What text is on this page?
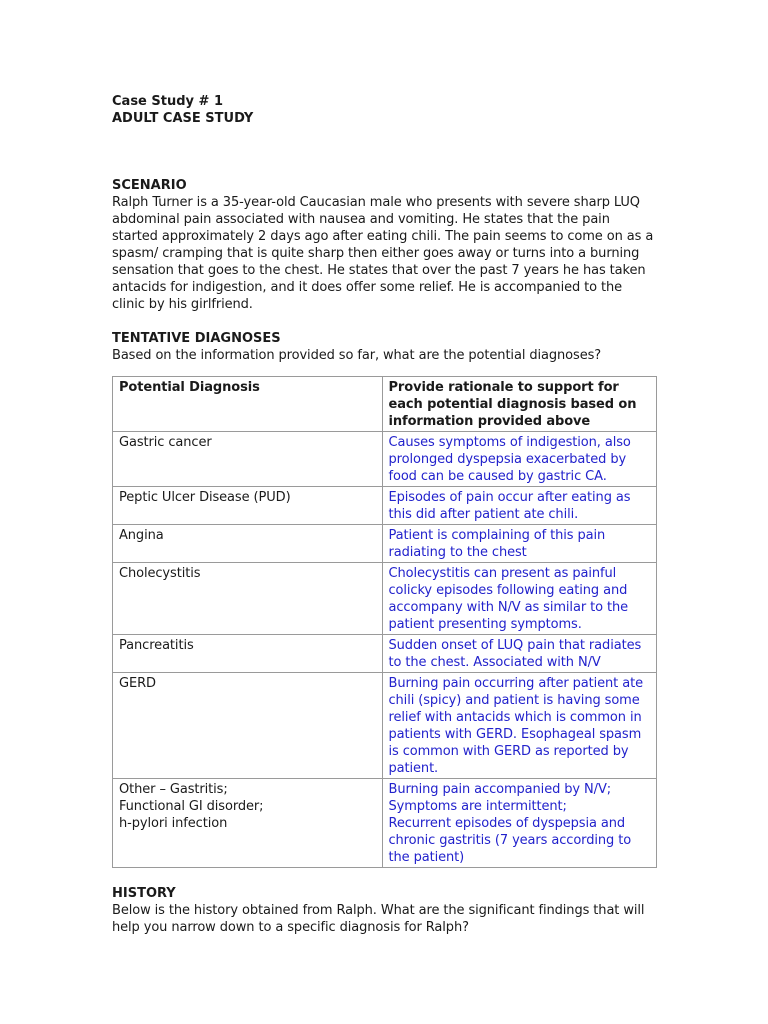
Case Study # 1

ADULT CASE STUDY

SCENARIO

Ralph Turner is a 35-year-old Caucasian male who presents with severe sharp LUQ abdominal pain associated with nausea and vomiting. He states that the pain started approximately 2 days ago after eating chili. The pain seems to come on as a spasm/ cramping that is quite sharp then either goes away or turns into a burning sensation that goes to the chest. He states that over the past 7 years he has taken antacids for indigestion, and it does offer some relief. He is accompanied to the clinic by his girlfriend.

TENTATIVE DIAGNOSES

Based on the information provided so far, what are the potential diagnoses?

Potential Diagnosis	Provide rationale to support for each potential diagnosis based on information provided above

Gastric cancer	Causes symptoms of indigestion, also prolonged dyspepsia exacerbated by food can be caused by gastric CA.

Peptic Ulcer Disease (PUD)	Episodes of pain occur after eating as this did after patient ate chili.

Angina	Patient is complaining of this pain radiating to the chest

Cholecystitis	Cholecystitis can present as painful colicky episodes following eating and accompany with N/V as similar to the patient presenting symptoms.

Pancreatitis	Sudden onset of LUQ pain that radiates to the chest. Associated with N/V

GERD	Burning pain occurring after patient ate chili (spicy) and patient is having some relief with antacids which is common in patients with GERD. Esophageal spasm is common with GERD as reported by patient.

Other – Gastritis;
Functional GI disorder;
h-pylori infection	Burning pain accompanied by N/V;
Symptoms are intermittent;
Recurrent episodes of dyspepsia and chronic gastritis (7 years according to the patient)

HISTORY

Below is the history obtained from Ralph. What are the significant findings that will help you narrow down to a specific diagnosis for Ralph?
